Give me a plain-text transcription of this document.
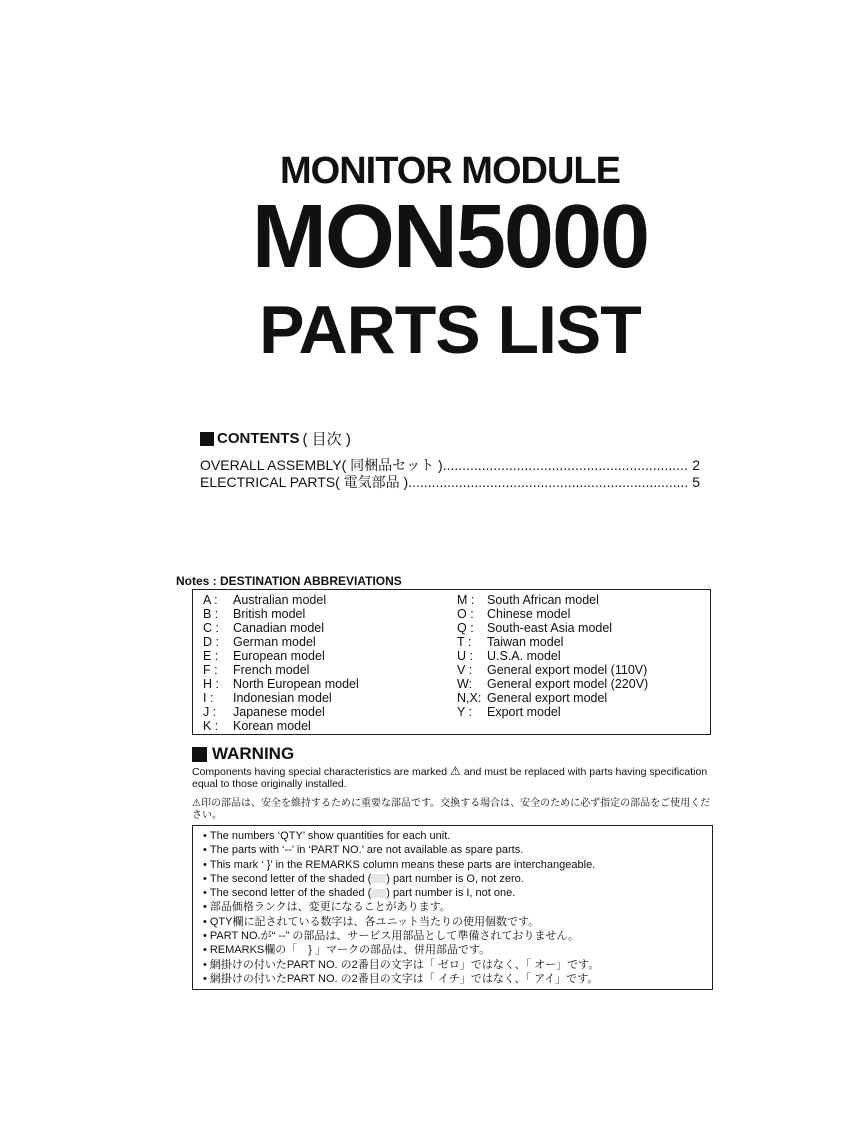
MONITOR MODULE
MON5000
PARTS LIST
CONTENTS ( 目次 )
OVERALL ASSEMBLY( 同梱品セット ) .....	2
ELECTRICAL PARTS( 電気部品 ) .....	5
Notes : DESTINATION ABBREVIATIONS
A :	Australian model
B :	British model
C :	Canadian model
D :	German model
E :	European model
F :	French model
H :	North European model
I :	Indonesian model
J :	Japanese model
K :	Korean model
M :	South African model
O :	Chinese model
Q :	South-east Asia model
T :	Taiwan model
U :	U.S.A. model
V :	General export model (110V)
W:	General export model (220V)
N,X: General export model
Y :	Export model
WARNING
Components having special characteristics are marked ⚠ and must be replaced with parts having specification equal to those originally installed.
⚠印の部品は、安全を維持するために重要な部品です。交換する場合は、安全のために必ず指定の部品をご使用ください。
• The numbers ‘QTY’ show quantities for each unit.
• The parts with ‘--’ in ‘PART NO.’ are not available as spare parts.
• This mark ‘ }’ in the REMARKS column means these parts are interchangeable.
• The second letter of the shaded ( ) part number is O, not zero.
• The second letter of the shaded ( ) part number is I, not one.
• 部品価格ランクは、変更になることがあります。
• QTY欄に記されている数字は、各ユニット当たりの使用個数です。
• PART NO.が“ --” の部品は、サービス用部品として準備されておりません。
• REMARKS欄の「　} 」マークの部品は、併用部品です。
• 網掛けの付いたPART NO. の2番目の文字は「 ゼロ」ではなく、「 オー」です。
• 網掛けの付いたPART NO. の2番目の文字は「 イチ」ではなく、「 アイ」です。
